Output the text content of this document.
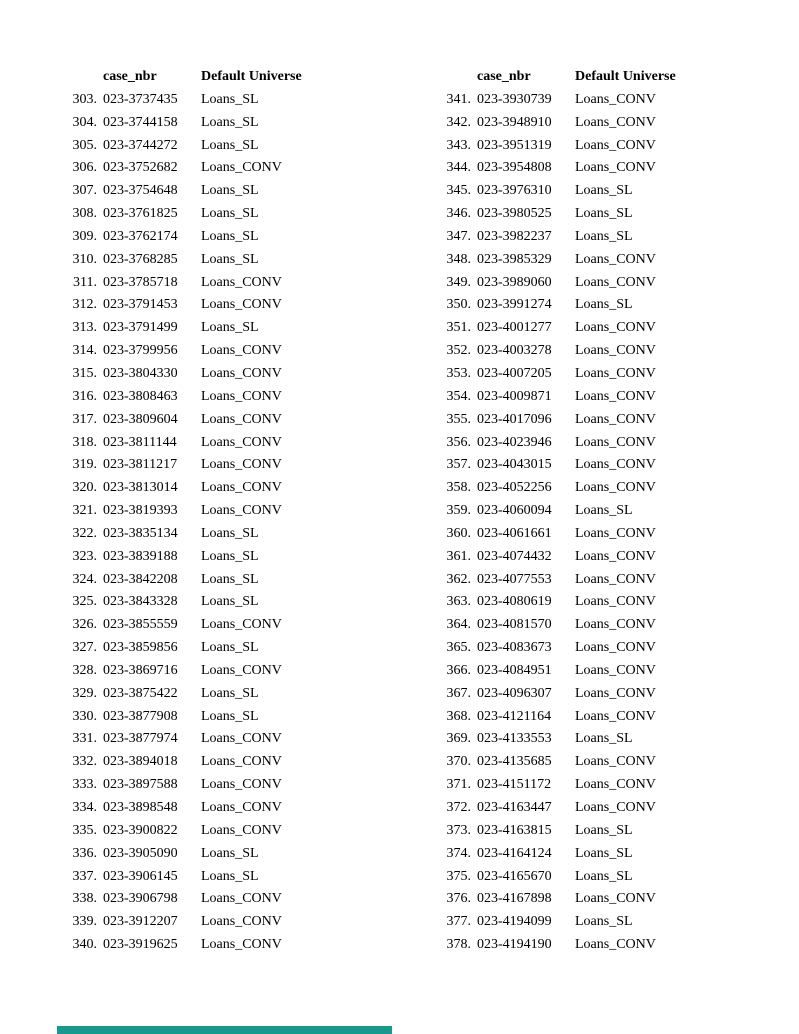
case_nbr	Default Universe
303. 023-3737435	Loans_SL
304. 023-3744158	Loans_SL
305. 023-3744272	Loans_SL
306. 023-3752682	Loans_CONV
307. 023-3754648	Loans_SL
308. 023-3761825	Loans_SL
309. 023-3762174	Loans_SL
310. 023-3768285	Loans_SL
311. 023-3785718	Loans_CONV
312. 023-3791453	Loans_CONV
313. 023-3791499	Loans_SL
314. 023-3799956	Loans_CONV
315. 023-3804330	Loans_CONV
316. 023-3808463	Loans_CONV
317. 023-3809604	Loans_CONV
318. 023-3811144	Loans_CONV
319. 023-3811217	Loans_CONV
320. 023-3813014	Loans_CONV
321. 023-3819393	Loans_CONV
322. 023-3835134	Loans_SL
323. 023-3839188	Loans_SL
324. 023-3842208	Loans_SL
325. 023-3843328	Loans_SL
326. 023-3855559	Loans_CONV
327. 023-3859856	Loans_SL
328. 023-3869716	Loans_CONV
329. 023-3875422	Loans_SL
330. 023-3877908	Loans_SL
331. 023-3877974	Loans_CONV
332. 023-3894018	Loans_CONV
333. 023-3897588	Loans_CONV
334. 023-3898548	Loans_CONV
335. 023-3900822	Loans_CONV
336. 023-3905090	Loans_SL
337. 023-3906145	Loans_SL
338. 023-3906798	Loans_CONV
339. 023-3912207	Loans_CONV
340. 023-3919625	Loans_CONV
case_nbr	Default Universe
341. 023-3930739	Loans_CONV
342. 023-3948910	Loans_CONV
343. 023-3951319	Loans_CONV
344. 023-3954808	Loans_CONV
345. 023-3976310	Loans_SL
346. 023-3980525	Loans_SL
347. 023-3982237	Loans_SL
348. 023-3985329	Loans_CONV
349. 023-3989060	Loans_CONV
350. 023-3991274	Loans_SL
351. 023-4001277	Loans_CONV
352. 023-4003278	Loans_CONV
353. 023-4007205	Loans_CONV
354. 023-4009871	Loans_CONV
355. 023-4017096	Loans_CONV
356. 023-4023946	Loans_CONV
357. 023-4043015	Loans_CONV
358. 023-4052256	Loans_CONV
359. 023-4060094	Loans_SL
360. 023-4061661	Loans_CONV
361. 023-4074432	Loans_CONV
362. 023-4077553	Loans_CONV
363. 023-4080619	Loans_CONV
364. 023-4081570	Loans_CONV
365. 023-4083673	Loans_CONV
366. 023-4084951	Loans_CONV
367. 023-4096307	Loans_CONV
368. 023-4121164	Loans_CONV
369. 023-4133553	Loans_SL
370. 023-4135685	Loans_CONV
371. 023-4151172	Loans_CONV
372. 023-4163447	Loans_CONV
373. 023-4163815	Loans_SL
374. 023-4164124	Loans_SL
375. 023-4165670	Loans_SL
376. 023-4167898	Loans_CONV
377. 023-4194099	Loans_SL
378. 023-4194190	Loans_CONV
